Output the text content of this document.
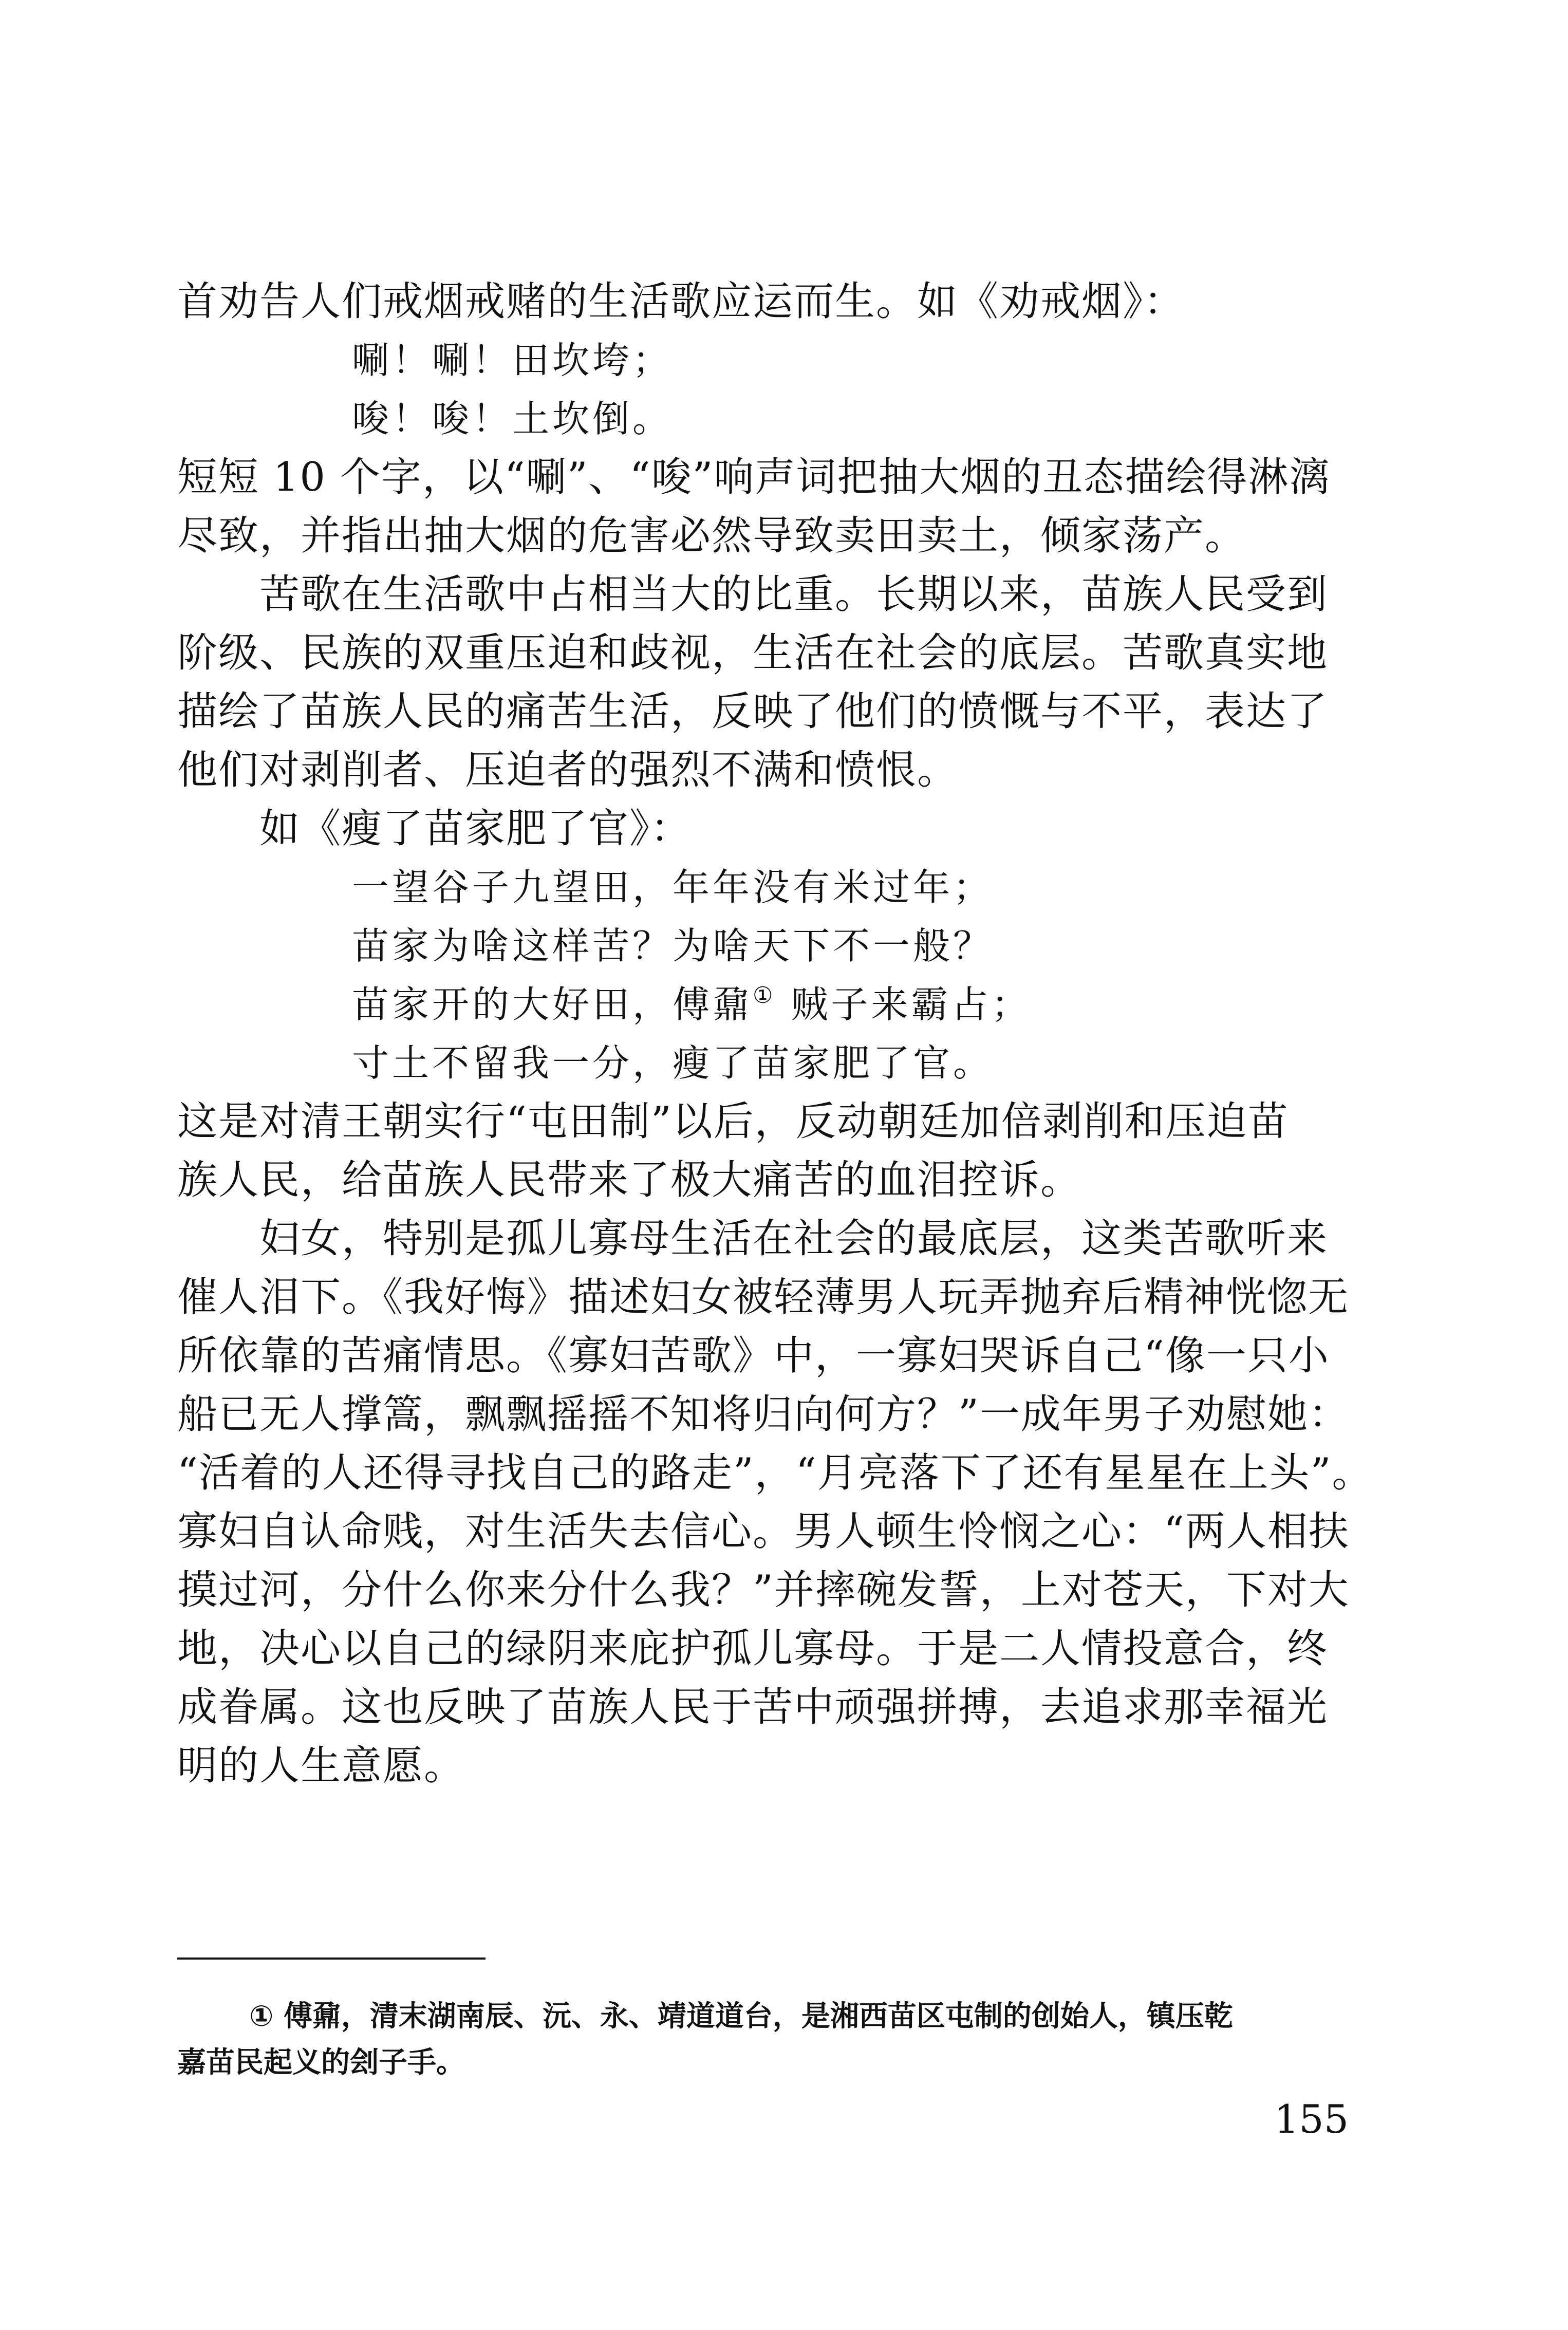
首劝告人们戒烟戒赌的生活歌应运而生。如《劝戒烟》：
唰！唰！田坎垮；
唆！唆！土坎倒。
短短 10 个字，以“唰”、“唆”响声词把抽大烟的丑态描绘得淋漓
尽致，并指出抽大烟的危害必然导致卖田卖土，倾家荡产。
苦歌在生活歌中占相当大的比重。长期以来，苗族人民受到
阶级、民族的双重压迫和歧视，生活在社会的底层。苦歌真实地
描绘了苗族人民的痛苦生活，反映了他们的愤慨与不平，表达了
他们对剥削者、压迫者的强烈不满和愤恨。
如《瘦了苗家肥了官》：
一望谷子九望田，年年没有米过年；
苗家为啥这样苦？为啥天下不一般？
苗家开的大好田，傅鼐① 贼子来霸占；
寸土不留我一分，瘦了苗家肥了官。
这是对清王朝实行“屯田制”以后，反动朝廷加倍剥削和压迫苗
族人民，给苗族人民带来了极大痛苦的血泪控诉。
妇女，特别是孤儿寡母生活在社会的最底层，这类苦歌听来
催人泪下。《我好悔》描述妇女被轻薄男人玩弄抛弃后精神恍惚无
所依靠的苦痛情思。《寡妇苦歌》中，一寡妇哭诉自己“像一只小
船已无人撑篙，飘飘摇摇不知将归向何方？”一成年男子劝慰她：
“活着的人还得寻找自己的路走”，“月亮落下了还有星星在上头”。
寡妇自认命贱，对生活失去信心。男人顿生怜悯之心：“两人相扶
摸过河，分什么你来分什么我？”并摔碗发誓，上对苍天，下对大
地，决心以自己的绿阴来庇护孤儿寡母。于是二人情投意合，终
成眷属。这也反映了苗族人民于苦中顽强拼搏，去追求那幸福光
明的人生意愿。
① 傅鼐，清末湖南辰、沅、永、靖道道台，是湘西苗区屯制的创始人，镇压乾
嘉苗民起义的刽子手。
155
